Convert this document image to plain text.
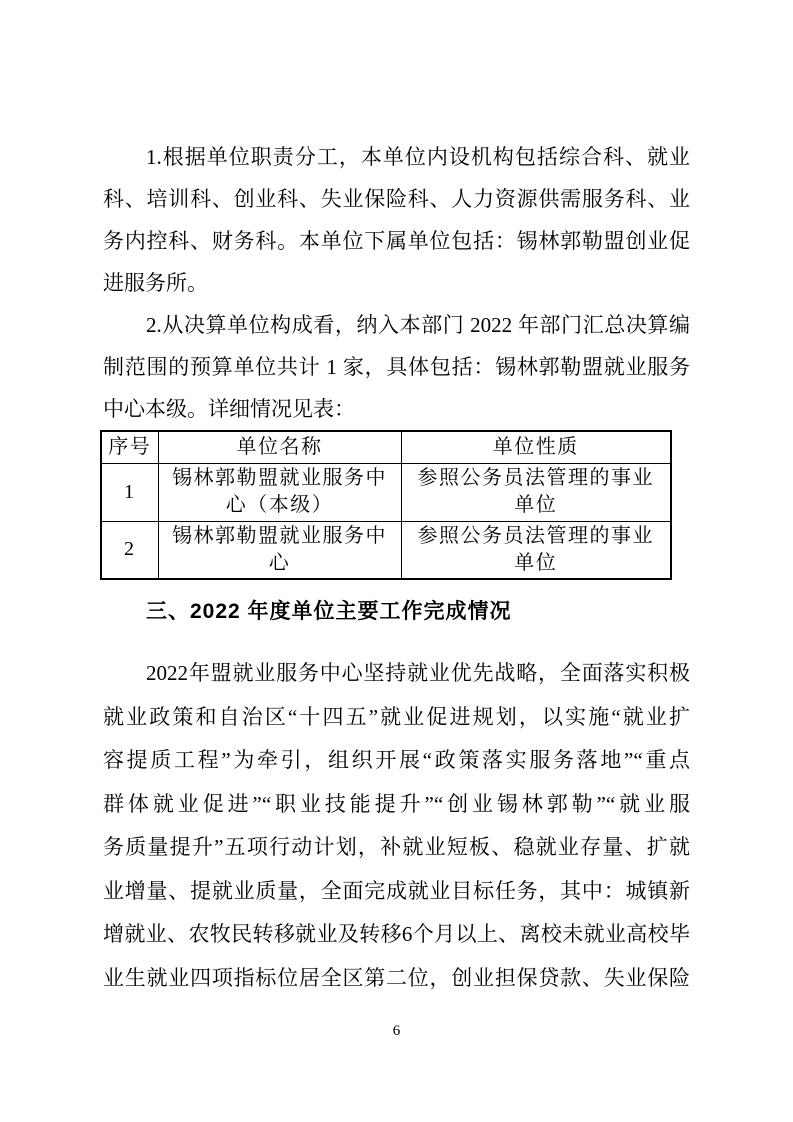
1.根据单位职责分工，本单位内设机构包括综合科、就业
科、培训科、创业科、失业保险科、人力资源供需服务科、业
务内控科、财务科。本单位下属单位包括：锡林郭勒盟创业促
进服务所。
2.从决算单位构成看，纳入本部门 2022 年部门汇总决算编
制范围的预算单位共计 1 家，具体包括：锡林郭勒盟就业服务
中心本级。详细情况见表：
序号	单位名称	单位性质
1	锡林郭勒盟就业服务中心（本级）	参照公务员法管理的事业单位
2	锡林郭勒盟就业服务中心	参照公务员法管理的事业单位
三、2022 年度单位主要工作完成情况
2022年盟就业服务中心坚持就业优先战略，全面落实积极
就业政策和自治区“十四五”就业促进规划，以实施“就业扩
容提质工程”为牵引，组织开展“政策落实服务落地”“重点
群体就业促进”“职业技能提升”“创业锡林郭勒”“就业服
务质量提升”五项行动计划，补就业短板、稳就业存量、扩就
业增量、提就业质量，全面完成就业目标任务，其中：城镇新
增就业、农牧民转移就业及转移6个月以上、离校未就业高校毕
业生就业四项指标位居全区第二位，创业担保贷款、失业保险
6
